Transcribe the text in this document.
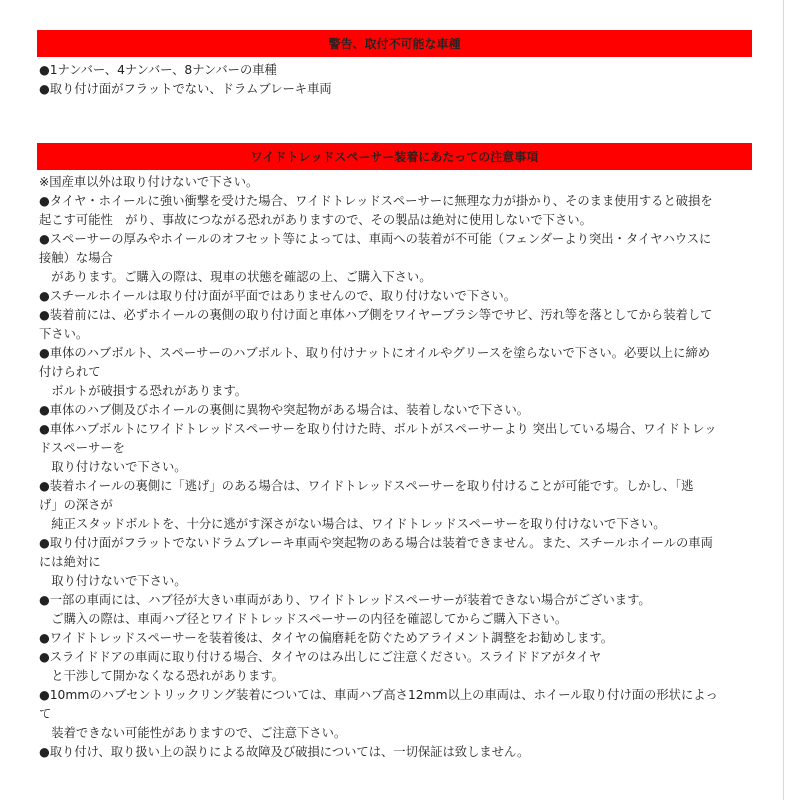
警告、取付不可能な車種
●1ナンバー、4ナンバー、8ナンバーの車種
●取り付け面がフラットでない、ドラムブレーキ車両
ワイドトレッドスペーサー装着にあたっての注意事項
※国産車以外は取り付けないで下さい。
●タイヤ・ホイールに強い衝撃を受けた場合、ワイドトレッドスペーサーに無理な力が掛かり、そのまま使用すると破損を
起こす可能性　がり、事故につながる恐れがありますので、その製品は絶対に使用しないで下さい。
●スペーサーの厚みやホイールのオフセット等によっては、車両への装着が不可能（フェンダーより突出・タイヤハウスに
接触）な場合
　があります。ご購入の際は、現車の状態を確認の上、ご購入下さい。
●スチールホイールは取り付け面が平面ではありませんので、取り付けないで下さい。
●装着前には、必ずホイールの裏側の取り付け面と車体ハブ側をワイヤーブラシ等でサビ、汚れ等を落としてから装着して
下さい。
●車体のハブボルト、スペーサーのハブボルト、取り付けナットにオイルやグリースを塗らないで下さい。必要以上に締め
付けられて
　ボルトが破損する恐れがあります。
●車体のハブ側及びホイールの裏側に異物や突起物がある場合は、装着しないで下さい。
●車体ハブボルトにワイドトレッドスペーサーを取り付けた時、ボルトがスペーサーより 突出している場合、ワイドトレッ
ドスペーサーを
　取り付けないで下さい。
●装着ホイールの裏側に「逃げ」のある場合は、ワイドトレッドスペーサーを取り付けることが可能です。しかし、「逃
げ」の深さが
　純正スタッドボルトを、十分に逃がす深さがない場合は、ワイドトレッドスペーサーを取り付けないで下さい。
●取り付け面がフラットでないドラムブレーキ車両や突起物のある場合は装着できません。また、スチールホイールの車両
には絶対に
　取り付けないで下さい。
●一部の車両には、ハブ径が大きい車両があり、ワイドトレッドスペーサーが装着できない場合がございます。
　ご購入の際は、車両ハブ径とワイドトレッドスペーサーの内径を確認してからご購入下さい。
●ワイドトレッドスペーサーを装着後は、タイヤの偏磨耗を防ぐためアライメント調整をお勧めします。
●スライドドアの車両に取り付ける場合、タイヤのはみ出しにご注意ください。スライドドアがタイヤ
　と干渉して開かなくなる恐れがあります。
●10mmのハブセントリックリング装着については、車両ハブ高さ12mm以上の車両は、ホイール取り付け面の形状によっ
て
　装着できない可能性がありますので、ご注意下さい。
●取り付け、取り扱い上の誤りによる故障及び破損については、一切保証は致しません。
